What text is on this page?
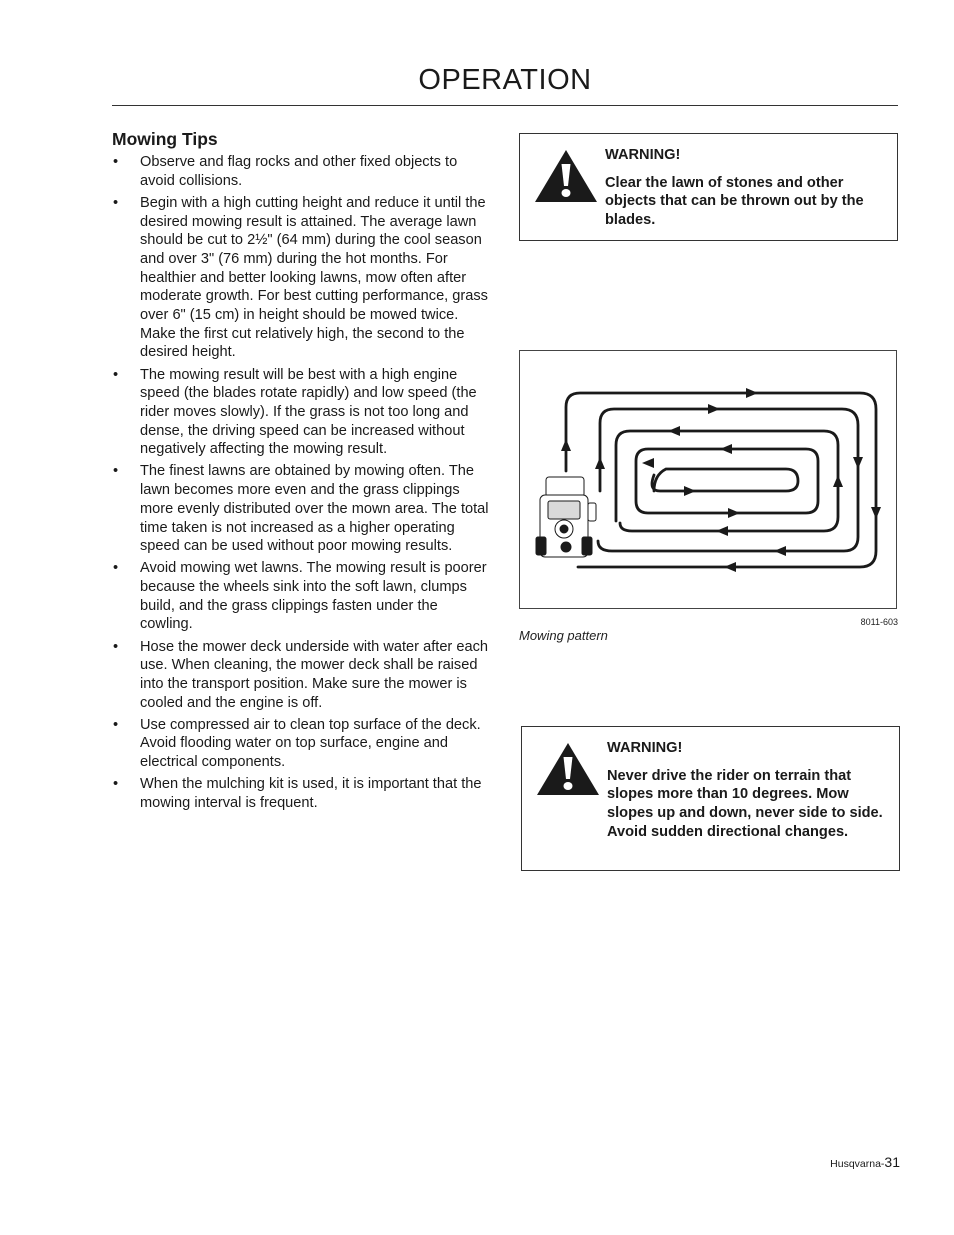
OPERATION
Mowing Tips
• Observe and flag rocks and other fixed objects to avoid collisions.
• Begin with a high cutting height and reduce it until the desired mowing result is attained. The average lawn should be cut to 2½" (64 mm) during the cool season and over 3" (76 mm) during the hot months. For healthier and better looking lawns, mow often after moderate growth. For best cutting performance, grass over 6" (15 cm) in height should be mowed twice. Make the first cut relatively high, the second to the desired height.
• The mowing result will be best with a high engine speed (the blades rotate rapidly) and low speed (the rider moves slowly). If the grass is not too long and dense, the driving speed can be increased without negatively affecting the mowing result.
• The finest lawns are obtained by mowing often. The lawn becomes more even and the grass clippings more evenly distributed over the mown area. The total time taken is not increased as a higher operating speed can be used without poor mowing results.
• Avoid mowing wet lawns. The mowing result is poorer because the wheels sink into the soft lawn, clumps build, and the grass clippings fasten under the cowling.
• Hose the mower deck underside with water after each use. When cleaning, the mower deck shall be raised into the transport position. Make sure the mower is cooled and the engine is off.
• Use compressed air to clean top surface of the deck. Avoid flooding water on top surface, engine and electrical components.
• When the mulching kit is used, it is important that the mowing interval is frequent.
WARNING!
Clear the lawn of stones and other objects that can be thrown out by the blades.
8011-603
Mowing pattern
WARNING!
Never drive the rider on terrain that slopes more than 10 degrees. Mow slopes up and down, never side to side. Avoid sudden directional changes.
Husqvarna-31
